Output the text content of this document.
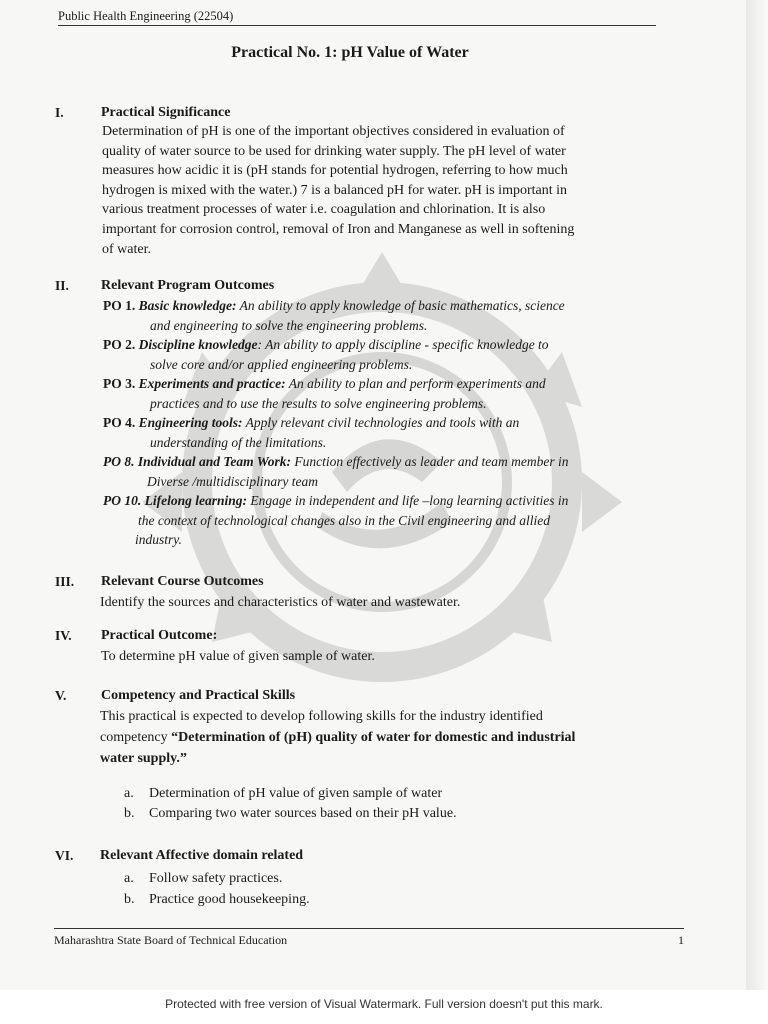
Public Health Engineering (22504)
Practical No. 1: pH Value of Water
I.	Practical Significance
Determination of pH is one of the important objectives considered in evaluation of
quality of water source to be used for drinking water supply. The pH level of water
measures how acidic it is (pH stands for potential hydrogen, referring to how much
hydrogen is mixed with the water.) 7 is a balanced pH for water. pH is important in
various treatment processes of water i.e. coagulation and chlorination. It is also
important for corrosion control, removal of Iron and Manganese as well in softening
of water.
II. Relevant Program Outcomes
PO 1. Basic knowledge: An ability to apply knowledge of basic mathematics, science
and engineering to solve the engineering problems.
PO 2. Discipline knowledge: An ability to apply discipline - specific knowledge to
solve core and/or applied engineering problems.
PO 3. Experiments and practice: An ability to plan and perform experiments and
practices and to use the results to solve engineering problems.
PO 4. Engineering tools: Apply relevant civil technologies and tools with an
understanding of the limitations.
PO 8. Individual and Team Work: Function effectively as leader and team member in
Diverse /multidisciplinary team
PO 10. Lifelong learning: Engage in independent and life –long learning activities in
the context of technological changes also in the Civil engineering and allied
industry.
III. Relevant Course Outcomes
Identify the sources and characteristics of water and wastewater.
IV. Practical Outcome:
To determine pH value of given sample of water.
V. Competency and Practical Skills
This practical is expected to develop following skills for the industry identified
competency “Determination of (pH) quality of water for domestic and industrial
water supply.”
a. Determination of pH value of given sample of water
b. Comparing two water sources based on their pH value.
VI. Relevant Affective domain related
a. Follow safety practices.
b. Practice good housekeeping.
Maharashtra State Board of Technical Education	1
Protected with free version of Visual Watermark. Full version doesn't put this mark.
